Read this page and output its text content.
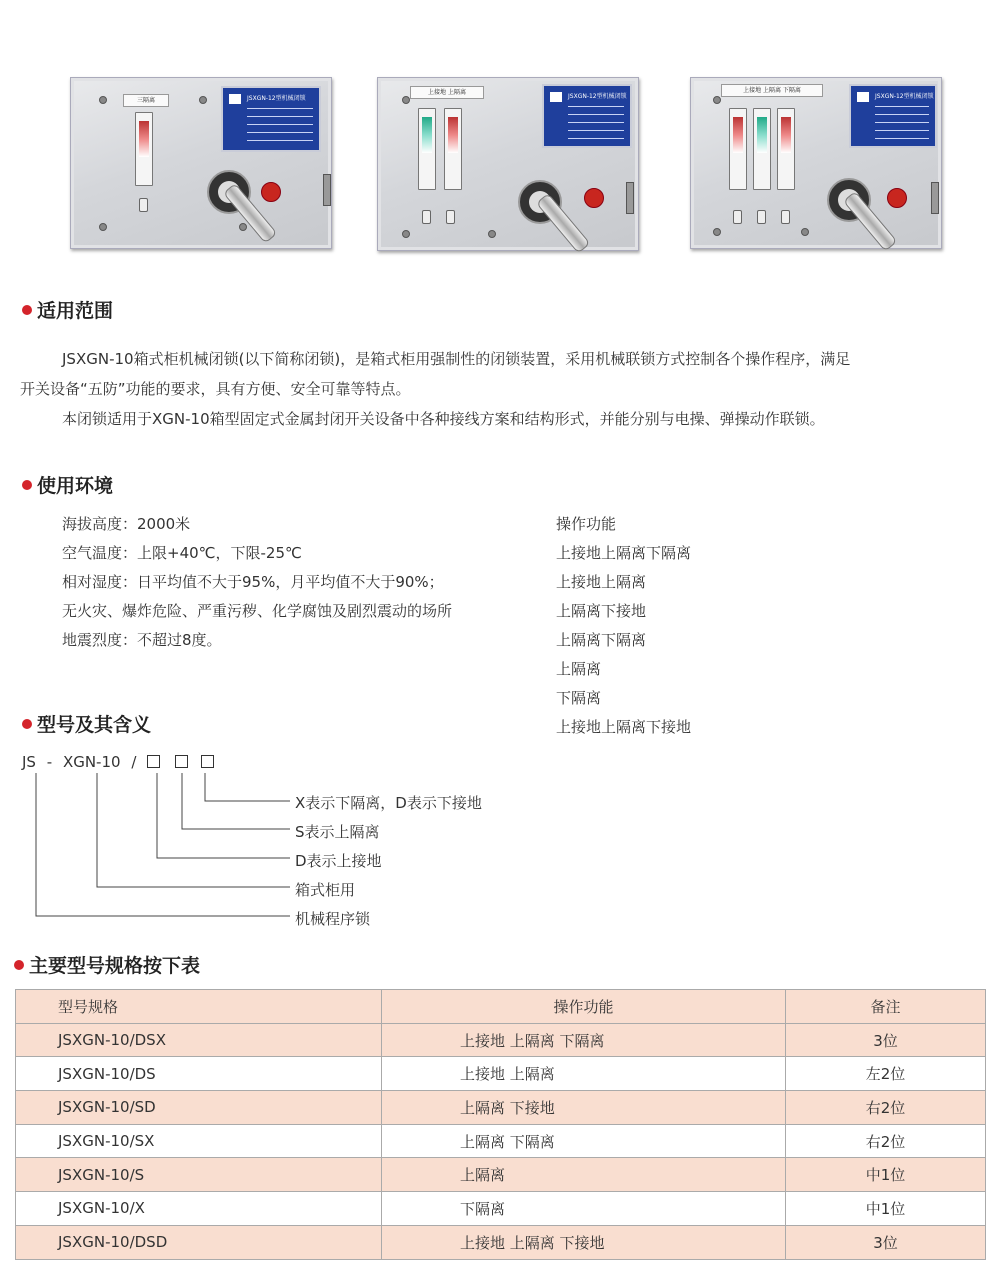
三隔离	JSXGN-12型机械闭锁
上接地 上隔离
JSXGN-12型机械闭锁
上接地 上隔离 下隔离
JSXGN-12型机械闭锁
适用范围
JSXGN-10箱式柜机械闭锁(以下简称闭锁)，是箱式柜用强制性的闭锁装置，采用机械联锁方式控制各个操作程序，满足
开关设备“五防”功能的要求，具有方便、安全可靠等特点。
本闭锁适用于XGN-10箱型固定式金属封闭开关设备中各种接线方案和结构形式，并能分别与电操、弹操动作联锁。
使用环境
海拔高度：2000米
空气温度：上限+40℃，下限-25℃
相对湿度：日平均值不大于95%，月平均值不大于90%；
无火灾、爆炸危险、严重污秽、化学腐蚀及剧烈震动的场所
地震烈度：不超过8度。
操作功能
上接地上隔离下隔离
上接地上隔离
上隔离下接地
上隔离下隔离
上隔离
下隔离
上接地上隔离下接地
型号及其含义
JS - XGN-10 /
X表示下隔离，D表示下接地
S表示上隔离
D表示上接地
箱式柜用
机械程序锁
主要型号规格按下表
型号规格	操作功能	备注
JSXGN-10/DSX	上接地 上隔离 下隔离	3位
JSXGN-10/DS	上接地 上隔离	左2位
JSXGN-10/SD	上隔离 下接地	右2位
JSXGN-10/SX	上隔离 下隔离	右2位
JSXGN-10/S	上隔离	中1位
JSXGN-10/X	下隔离	中1位
JSXGN-10/DSD	上接地 上隔离 下接地	3位
